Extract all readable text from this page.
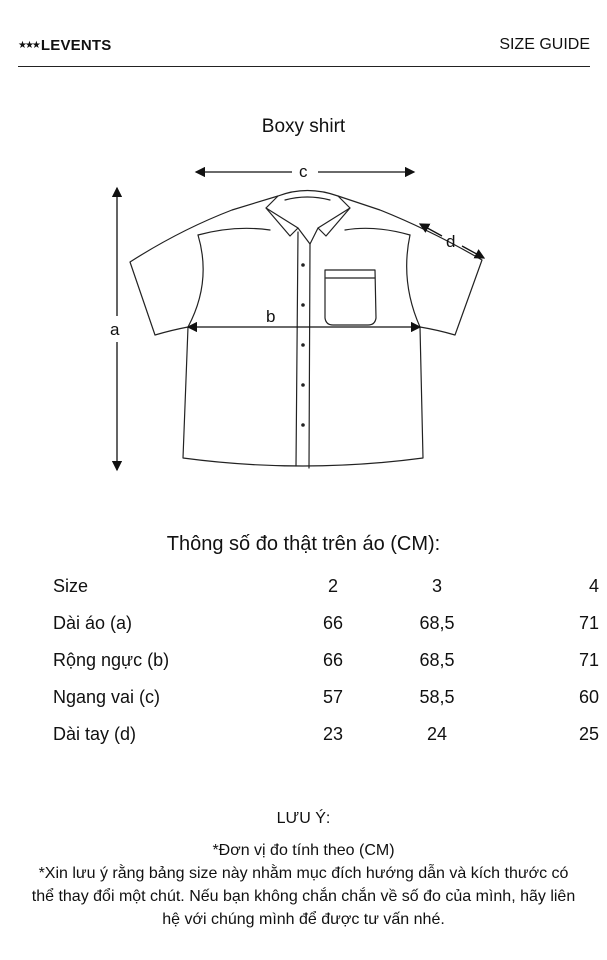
★★★ LEVENTS	SIZE GUIDE
Boxy shirt
c
a
b
d
Thông số đo thật trên áo (CM):
Size	2	3	4
Dài áo (a)	66	68,5	71
Rộng ngực (b)	66	68,5	71
Ngang vai (c)	57	58,5	60
Dài tay (d)	23	24	25
LƯU Ý:
*Đơn vị đo tính theo (CM)
*Xin lưu ý rằng bảng size này nhằm mục đích hướng dẫn và kích thước có thể thay đổi một chút. Nếu bạn không chắn chắn về số đo của mình, hãy liên hệ với chúng mình để được tư vấn nhé.
